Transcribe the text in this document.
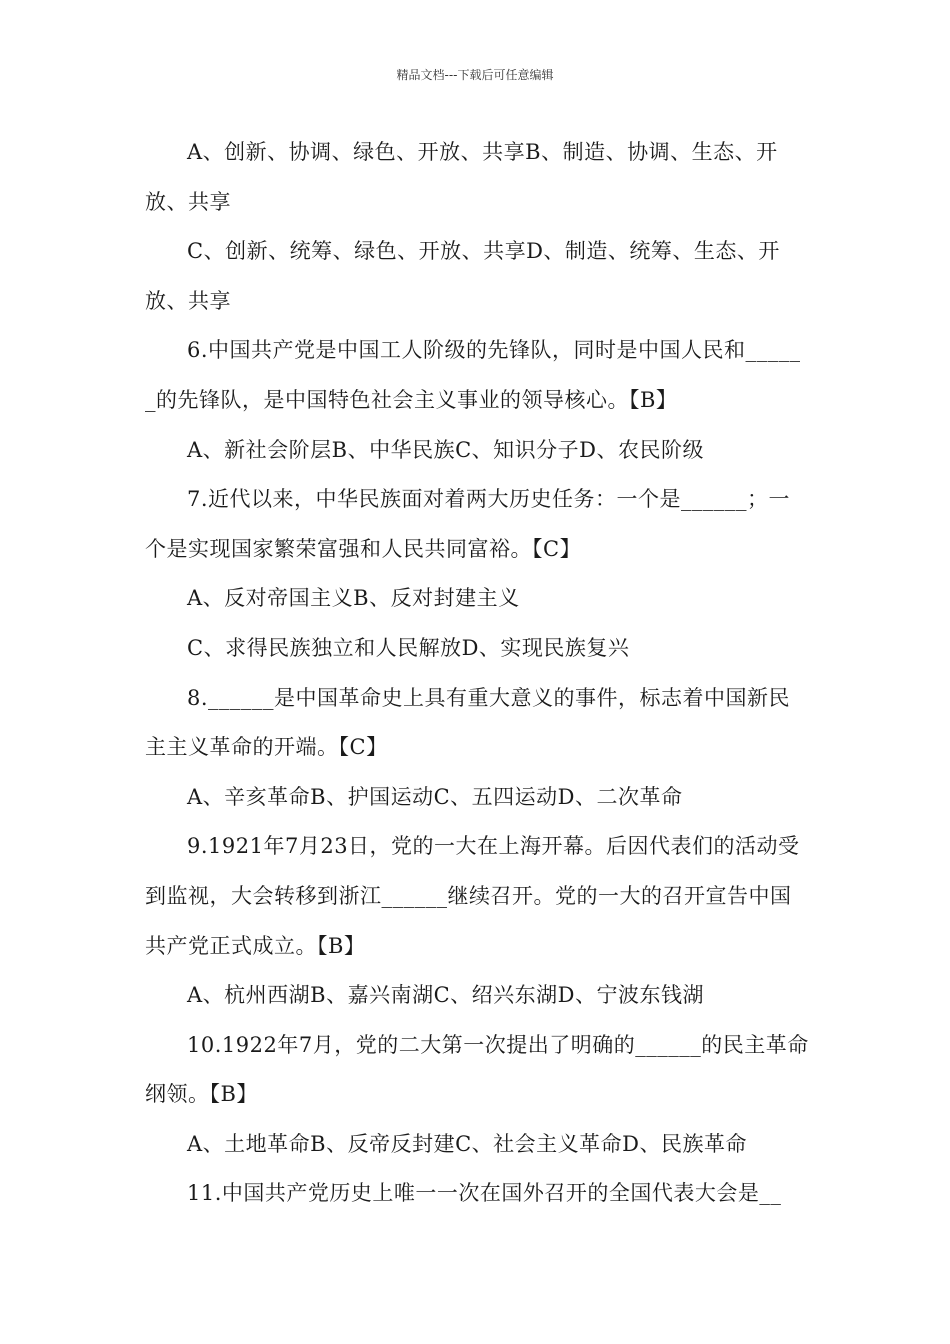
精品文档---下载后可任意编辑

A、创新、协调、绿色、开放、共享B、制造、协调、生态、开放、共享

C、创新、统筹、绿色、开放、共享D、制造、统筹、生态、开放、共享

6.中国共产党是中国工人阶级的先锋队，同时是中国人民和______的先锋队，是中国特色社会主义事业的领导核心。【B】

A、新社会阶层B、中华民族C、知识分子D、农民阶级

7.近代以来，中华民族面对着两大历史任务：一个是______；一个是实现国家繁荣富强和人民共同富裕。【C】

A、反对帝国主义B、反对封建主义

C、求得民族独立和人民解放D、实现民族复兴

8.______是中国革命史上具有重大意义的事件，标志着中国新民主主义革命的开端。【C】

A、辛亥革命B、护国运动C、五四运动D、二次革命

9.1921年7月23日，党的一大在上海开幕。后因代表们的活动受到监视，大会转移到浙江______继续召开。党的一大的召开宣告中国共产党正式成立。【B】

A、杭州西湖B、嘉兴南湖C、绍兴东湖D、宁波东钱湖

10.1922年7月，党的二大第一次提出了明确的______的民主革命纲领。【B】

A、土地革命B、反帝反封建C、社会主义革命D、民族革命

11.中国共产党历史上唯一一次在国外召开的全国代表大会是__
